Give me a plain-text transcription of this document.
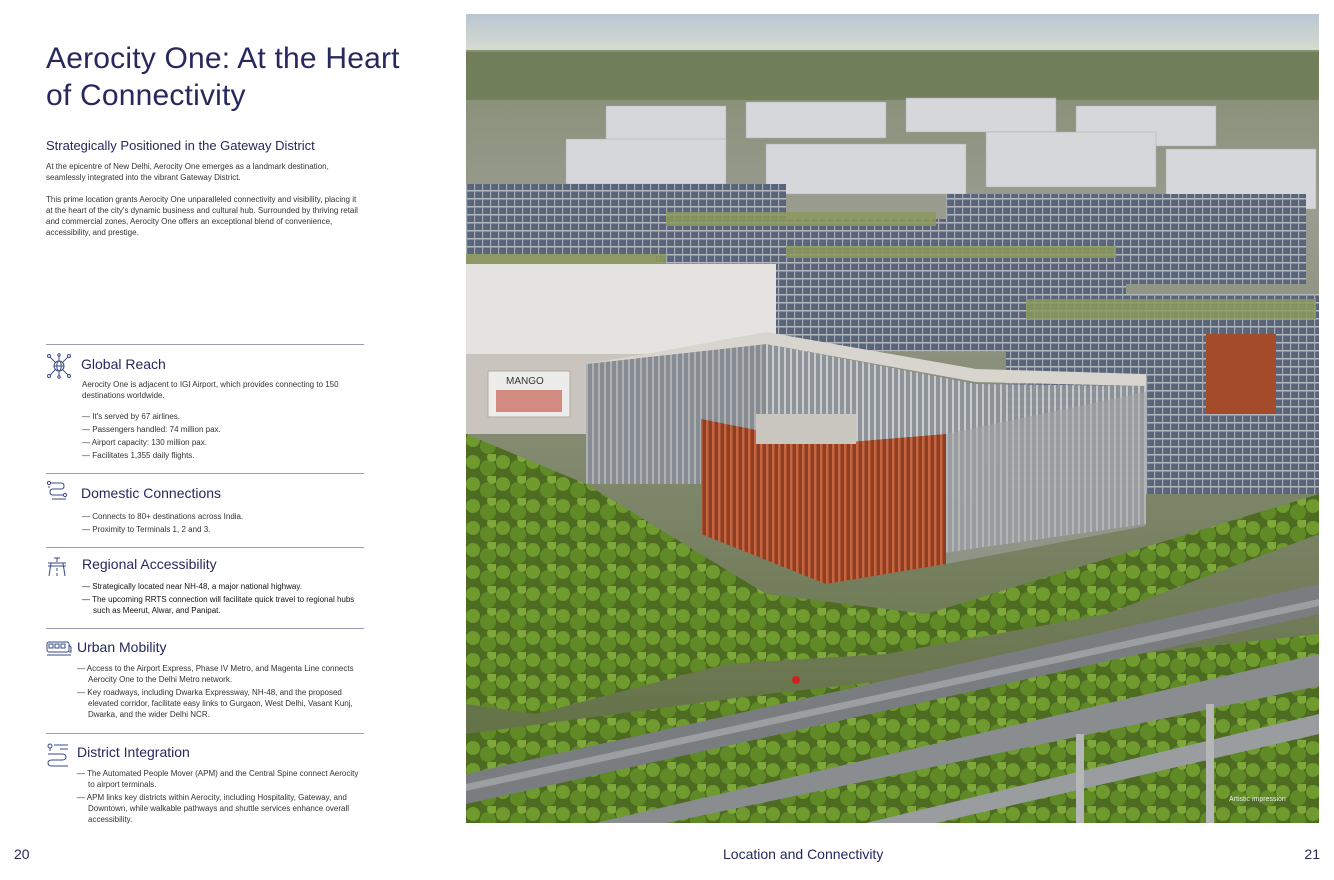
Aerocity One: At the Heart of Connectivity
Strategically Positioned in the Gateway District

At the epicentre of New Delhi, Aerocity One emerges as a landmark destination, seamlessly integrated into the vibrant Gateway District.

This prime location grants Aerocity One unparalleled connectivity and visibility, placing it at the heart of the city's dynamic business and cultural hub. Surrounded by thriving retail and commercial zones, Aerocity One offers an exceptional blend of convenience, accessibility, and prestige.

Global Reach
Aerocity One is adjacent to IGI Airport, which provides connecting to 150 destinations worldwide.
— It's served by 67 airlines.
— Passengers handled: 74 million pax.
— Airport capacity: 130 million pax.
— Facilitates 1,355 daily flights.
Domestic Connections
— Connects to 80+ destinations across India.
— Proximity to Terminals 1, 2 and 3.
Regional Accessibility
— Strategically located near NH-48, a major national highway.
— The upcoming RRTS connection will facilitate quick travel to regional hubs such as Meerut, Alwar, and Panipat.
Urban Mobility
— Access to the Airport Express, Phase IV Metro, and Magenta Line connects Aerocity One to the Delhi Metro network.
— Key roadways, including Dwarka Expressway, NH-48, and the proposed elevated corridor, facilitate easy links to Gurgaon, West Delhi, Vasant Kunj, Dwarka, and the wider Delhi NCR.
District Integration
— The Automated People Mover (APM) and the Central Spine connect Aerocity to airport terminals.
— APM links key districts within Aerocity, including Hospitality, Gateway, and Downtown, while walkable pathways and shuttle services enhance overall accessibility.
MANGO
Artistic impression
20	Location and Connectivity	21
